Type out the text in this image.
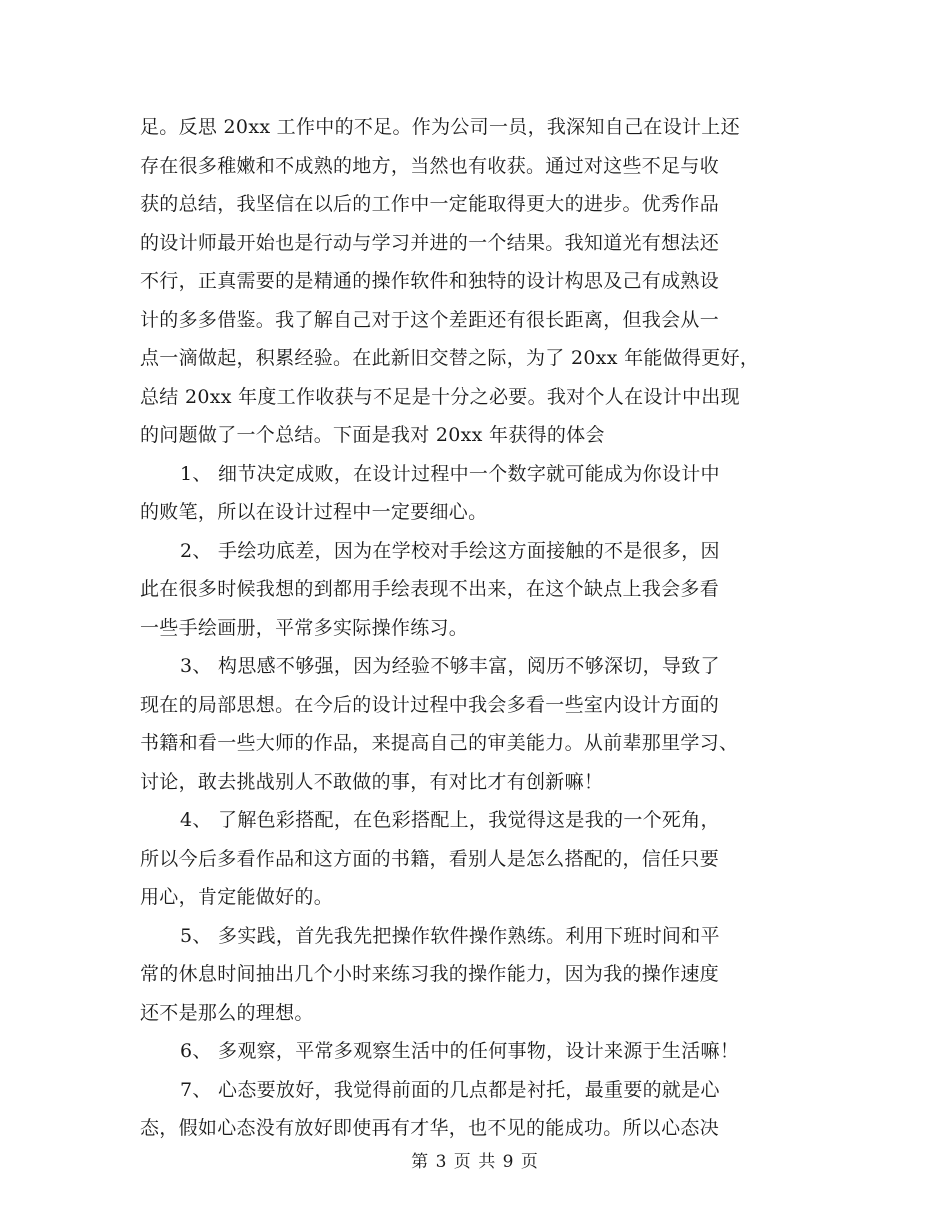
足。反思 20xx 工作中的不足。作为公司一员，我深知自己在设计上还
存在很多稚嫩和不成熟的地方，当然也有收获。通过对这些不足与收
获的总结，我坚信在以后的工作中一定能取得更大的进步。优秀作品
的设计师最开始也是行动与学习并进的一个结果。我知道光有想法还
不行，正真需要的是精通的操作软件和独特的设计构思及己有成熟设
计的多多借鉴。我了解自己对于这个差距还有很长距离，但我会从一
点一滴做起，积累经验。在此新旧交替之际，为了 20xx 年能做得更好，
总结 20xx 年度工作收获与不足是十分之必要。我对个人在设计中出现
的问题做了一个总结。下面是我对 20xx 年获得的体会
1、 细节决定成败，在设计过程中一个数字就可能成为你设计中
的败笔，所以在设计过程中一定要细心。
2、 手绘功底差，因为在学校对手绘这方面接触的不是很多，因
此在很多时候我想的到都用手绘表现不出来，在这个缺点上我会多看
一些手绘画册，平常多实际操作练习。
3、 构思感不够强，因为经验不够丰富，阅历不够深切，导致了
现在的局部思想。在今后的设计过程中我会多看一些室内设计方面的
书籍和看一些大师的作品，来提高自己的审美能力。从前辈那里学习、
讨论，敢去挑战别人不敢做的事，有对比才有创新嘛！
4、 了解色彩搭配，在色彩搭配上，我觉得这是我的一个死角，
所以今后多看作品和这方面的书籍，看别人是怎么搭配的，信任只要
用心，肯定能做好的。
5、 多实践，首先我先把操作软件操作熟练。利用下班时间和平
常的休息时间抽出几个小时来练习我的操作能力，因为我的操作速度
还不是那么的理想。
6、 多观察，平常多观察生活中的任何事物，设计来源于生活嘛！
7、 心态要放好，我觉得前面的几点都是衬托，最重要的就是心
态，假如心态没有放好即使再有才华，也不见的能成功。所以心态决
第 3 页 共 9 页
